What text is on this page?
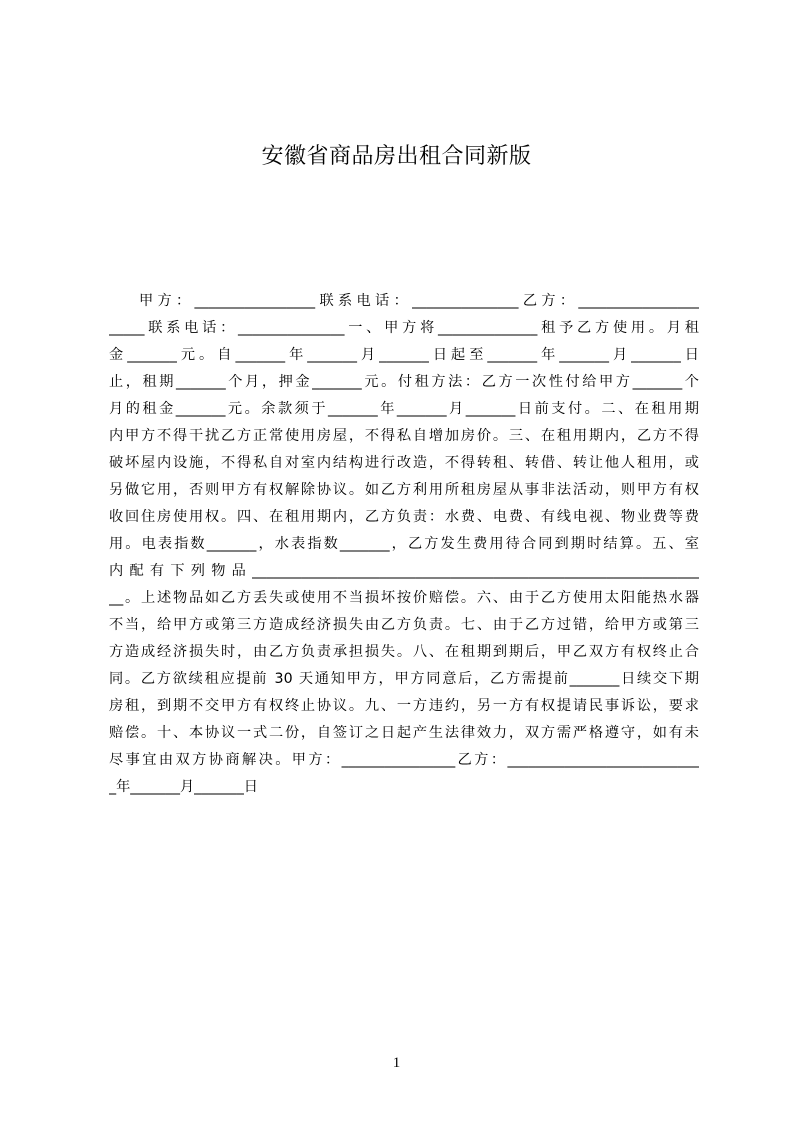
安徽省商品房出租合同新版
甲方：_________________联系电话：_______________乙方：_________________
_____联系电话：_______________一、甲方将______________租予乙方使用。月租
金_______元。自_______年_______月_______日起至_______年_______月_______日
止，租期_______个月，押金_______元。付租方法：乙方一次性付给甲方_______个
月的租金_______元。余款须于_______年_______月_______日前支付。二、在租用期
内甲方不得干扰乙方正常使用房屋，不得私自增加房价。三、在租用期内，乙方不得
破坏屋内设施，不得私自对室内结构进行改造，不得转租、转借、转让他人租用，或
另做它用，否则甲方有权解除协议。如乙方利用所租房屋从事非法活动，则甲方有权
收回住房使用权。四、在租用期内，乙方负责：水费、电费、有线电视、物业费等费
用。电表指数_______，水表指数_______，乙方发生费用待合同到期时结算。五、室
内配有下列物品_______________________________________________________________
__。上述物品如乙方丢失或使用不当损坏按价赔偿。六、由于乙方使用太阳能热水器
不当，给甲方或第三方造成经济损失由乙方负责。七、由于乙方过错，给甲方或第三
方造成经济损失时，由乙方负责承担损失。八、在租期到期后，甲乙双方有权终止合
同。乙方欲续租应提前 30 天通知甲方，甲方同意后，乙方需提前_______日续交下期
房租，到期不交甲方有权终止协议。九、一方违约，另一方有权提请民事诉讼，要求
赔偿。十、本协议一式二份，自签订之日起产生法律效力，双方需严格遵守，如有未
尽事宜由双方协商解决。甲方：________________乙方：___________________________
_年_______月_______日
1
